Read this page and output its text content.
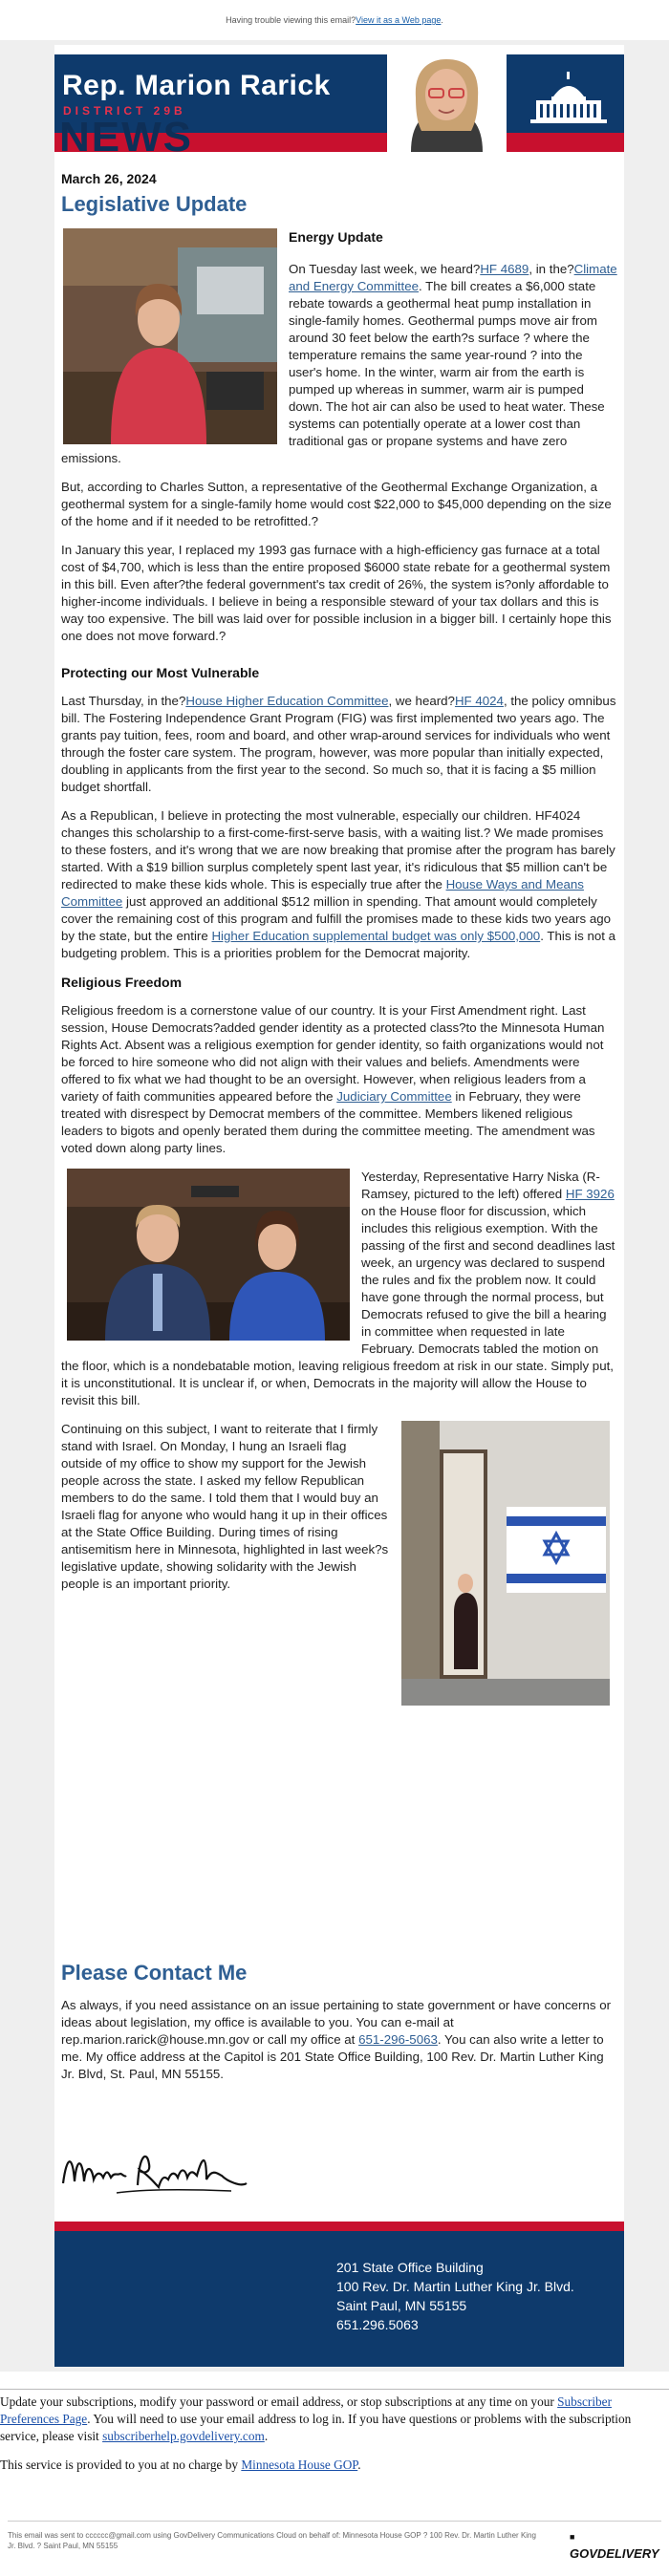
Having trouble viewing this email?View it as a Web page.
Rep. Marion Rarick
DISTRICT 29B
NEWS
March 26, 2024
Legislative Update
Energy Update
On Tuesday last week, we heard?HF 4689, in the?Climate and Energy Committee. The bill creates a $6,000 state rebate towards a geothermal heat pump installation in single-family homes. Geothermal pumps move air from around 30 feet below the earth?s surface ? where the temperature remains the same year-round ? into the user's home. In the winter, warm air from the earth is pumped up whereas in summer, warm air is pumped down. The hot air can also be used to heat water. These systems can potentially operate at a lower cost than traditional gas or propane systems and have zero emissions.

But, according to Charles Sutton, a representative of the Geothermal Exchange Organization, a geothermal system for a single-family home would cost $22,000 to $45,000 depending on the size of the home and if it needed to be retrofitted.?

In January this year, I replaced my 1993 gas furnace with a high-efficiency gas furnace at a total cost of $4,700, which is less than the entire proposed $6000 state rebate for a geothermal system in this bill. Even after?the federal government's tax credit of 26%, the system is?only affordable to higher-income individuals. I believe in being a responsible steward of your tax dollars and this is way too expensive. The bill was laid over for possible inclusion in a bigger bill. I certainly hope this one does not move forward.?

Protecting our Most Vulnerable

Last Thursday, in the?House Higher Education Committee, we heard?HF 4024, the policy omnibus bill. The Fostering Independence Grant Program (FIG) was first implemented two years ago. The grants pay tuition, fees, room and board, and other wrap-around services for individuals who went through the foster care system. The program, however, was more popular than initially expected, doubling in applicants from the first year to the second. So much so, that it is facing a $5 million budget shortfall.

As a Republican, I believe in protecting the most vulnerable, especially our children. HF4024 changes this scholarship to a first-come-first-serve basis, with a waiting list.? We made promises to these fosters, and it's wrong that we are now breaking that promise after the program has barely started. With a $19 billion surplus completely spent last year, it's ridiculous that $5 million can't be redirected to make these kids whole. This is especially true after the House Ways and Means Committee just approved an additional $512 million in spending. That amount would completely cover the remaining cost of this program and fulfill the promises made to these kids two years ago by the state, but the entire Higher Education supplemental budget was only $500,000. This is not a budgeting problem. This is a priorities problem for the Democrat majority.

Religious Freedom

Religious freedom is a cornerstone value of our country. It is your First Amendment right. Last session, House Democrats?added gender identity as a protected class?to the Minnesota Human Rights Act. Absent was a religious exemption for gender identity, so faith organizations would not be forced to hire someone who did not align with their values and beliefs. Amendments were offered to fix what we had thought to be an oversight. However, when religious leaders from a variety of faith communities appeared before the Judiciary Committee in February, they were treated with disrespect by Democrat members of the committee. Members likened religious leaders to bigots and openly berated them during the committee meeting. The amendment was voted down along party lines.

Yesterday, Representative Harry Niska (R-Ramsey, pictured to the left) offered HF 3926 on the House floor for discussion, which includes this religious exemption. With the passing of the first and second deadlines last week, an urgency was declared to suspend the rules and fix the problem now. It could have gone through the normal process, but Democrats refused to give the bill a hearing in committee when requested in late February. Democrats tabled the motion on the floor, which is a nondebatable motion, leaving religious freedom at risk in our state. Simply put, it is unconstitutional. It is unclear if, or when, Democrats in the majority will allow the House to revisit this bill.
Continuing on this subject, I want to reiterate that I firmly stand with Israel. On Monday, I hung an Israeli flag outside of my office to show my support for the Jewish people across the state. I asked my fellow Republican members to do the same. I told them that I would buy an Israeli flag for anyone who would hang it up in their offices at the State Office Building. During times of rising antisemitism here in Minnesota, highlighted in last week?s legislative update, showing solidarity with the Jewish people is an important priority.
Please Contact Me

As always, if you need assistance on an issue pertaining to state government or have concerns or ideas about legislation, my office is available to you. You can e-mail at rep.marion.rarick@house.mn.gov or call my office at 651-296-5063. You can also write a letter to me. My office address at the Capitol is 201 State Office Building, 100 Rev. Dr. Martin Luther King Jr. Blvd, St. Paul, MN 55155.

201 State Office Building
100 Rev. Dr. Martin Luther King Jr. Blvd.
Saint Paul, MN 55155
651.296.5063
Update your subscriptions, modify your password or email address, or stop subscriptions at any time on your Subscriber Preferences Page. You will need to use your email address to log in. If you have questions or problems with the subscription service, please visit subscriberhelp.govdelivery.com.
This service is provided to you at no charge by Minnesota House GOP.
This email was sent to cccccc@gmail.com using GovDelivery Communications Cloud on behalf of: Minnesota House GOP ? 100 Rev. Dr. Martin Luther King Jr. Blvd. ? Saint Paul, MN 55155
■
GOVDELIVERY
